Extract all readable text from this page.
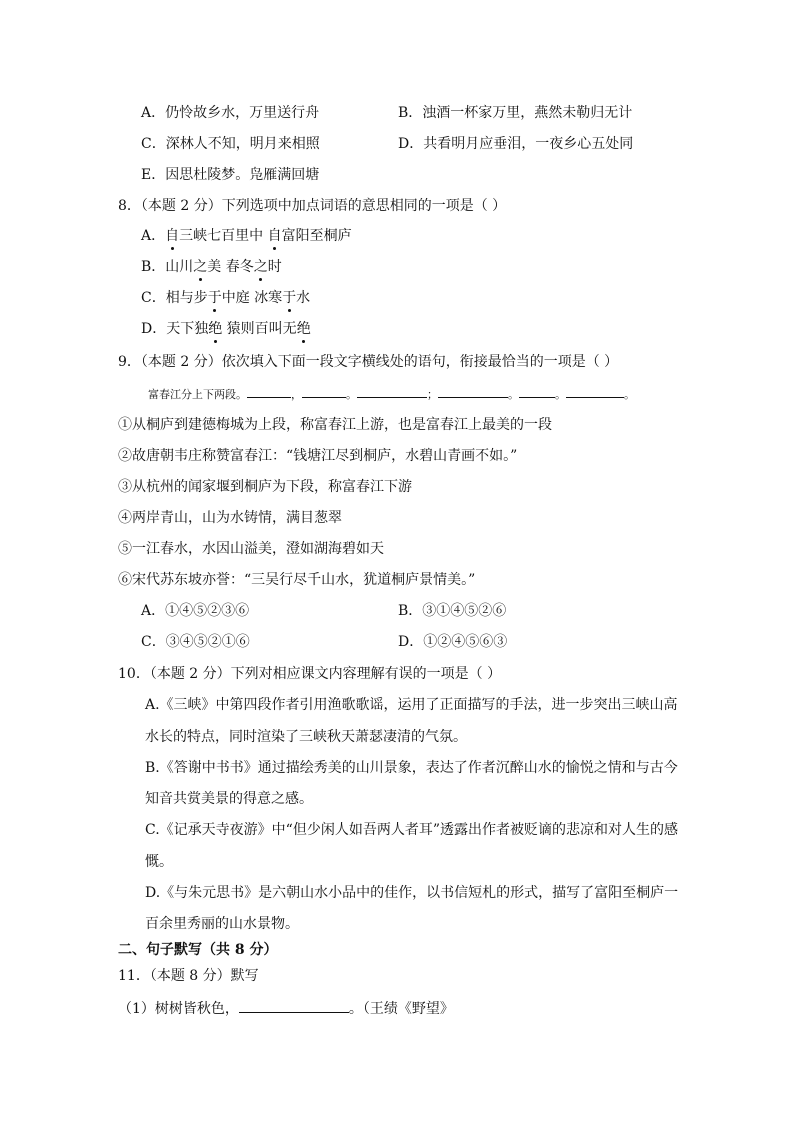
A．仍怜故乡水，万里送行舟	B．浊酒一杯家万里，燕然未勒归无计
C．深林人不知，明月来相照	D．共看明月应垂泪，一夜乡心五处同
E．因思杜陵梦。凫雁满回塘
8．（本题 2 分）下列选项中加点词语的意思相同的一项是（ ）
A．自三峡七百里中 自富阳至桐庐
B．山川之美 春冬之时
C．相与步于中庭 冰寒于水
D．天下独绝 猿则百叫无绝
9．（本题 2 分）依次填入下面一段文字横线处的语句，衔接最恰当的一项是（ ）
富春江分上下两段。	，	。	；	。	。	。
①从桐庐到建德梅城为上段，称富春江上游，也是富春江上最美的一段
②故唐朝韦庄称赞富春江：“钱塘江尽到桐庐，水碧山青画不如。”
③从杭州的闻家堰到桐庐为下段，称富春江下游
④两岸青山，山为水铸情，满目葱翠
⑤一江春水，水因山溢美，澄如湖海碧如天
⑥宋代苏东坡亦誉：“三吴行尽千山水，犹道桐庐景情美。”
A．①④⑤②③⑥	B．③①④⑤②⑥
C．③④⑤②①⑥	D．①②④⑤⑥③
10．（本题 2 分）下列对相应课文内容理解有误的一项是（ ）
A.《三峡》中第四段作者引用渔歌歌谣，运用了正面描写的手法，进一步突出三峡山高
水长的特点，同时渲染了三峡秋天萧瑟凄清的气氛。
B.《答谢中书书》通过描绘秀美的山川景象，表达了作者沉醉山水的愉悦之情和与古今
知音共赏美景的得意之感。
C.《记承天寺夜游》中“但少闲人如吾两人者耳”透露出作者被贬谪的悲凉和对人生的感
慨。
D.《与朱元思书》是六朝山水小品中的佳作，以书信短札的形式，描写了富阳至桐庐一
百余里秀丽的山水景物。
二、句子默写（共 8 分）
11．（本题 8 分）默写
（1）树树皆秋色，	。（王绩《野望》
